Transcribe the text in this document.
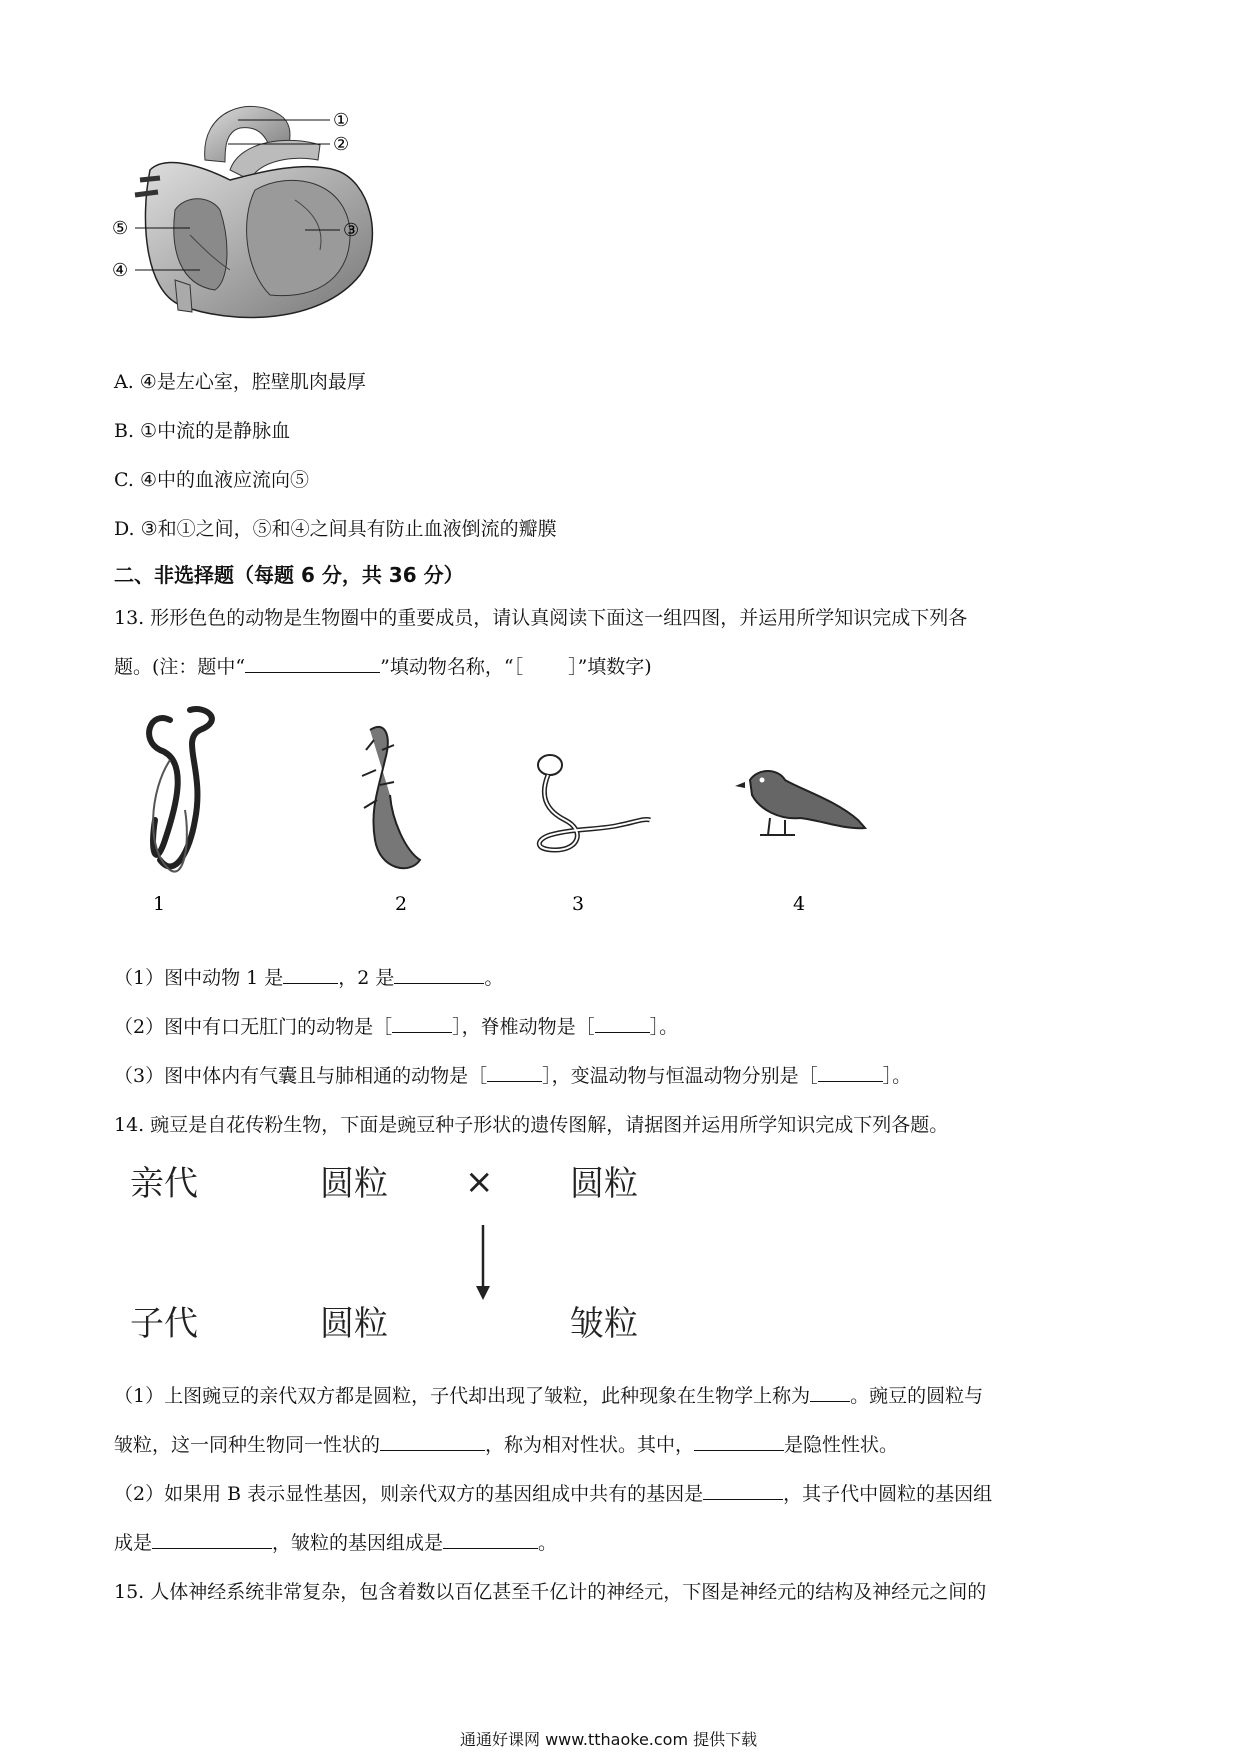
①
②
③
④
⑤
A. ④是左心室，腔壁肌肉最厚
B. ①中流的是静脉血
C. ④中的血液应流向⑤
D. ③和①之间，⑤和④之间具有防止血液倒流的瓣膜
二、非选择题（每题 6 分，共 36 分）
13. 形形色色的动物是生物圈中的重要成员，请认真阅读下面这一组四图，并运用所学知识完成下列各
题。(注：题中“	”填动物名称，“［ ］”填数字)
1	2	3	4
（1）图中动物 1 是	，2 是	。
（2）图中有口无肛门的动物是［	］，脊椎动物是［	］。
（3）图中体内有气囊且与肺相通的动物是［	］，变温动物与恒温动物分别是［	］。
14. 豌豆是自花传粉生物，下面是豌豆种子形状的遗传图解，请据图并运用所学知识完成下列各题。
亲代	圆粒 × 圆粒
子代	圆粒	皱粒
（1）上图豌豆的亲代双方都是圆粒，子代却出现了皱粒，此种现象在生物学上称为 。豌豆的圆粒与
皱粒，这一同种生物同一性状的	，称为相对性状。其中，	是隐性性状。
（2）如果用 B 表示显性基因，则亲代双方的基因组成中共有的基因是	，其子代中圆粒的基因组
成是	，皱粒的基因组成是	。
15. 人体神经系统非常复杂，包含着数以百亿甚至千亿计的神经元，下图是神经元的结构及神经元之间的
通通好课网 www.tthaoke.com 提供下载
